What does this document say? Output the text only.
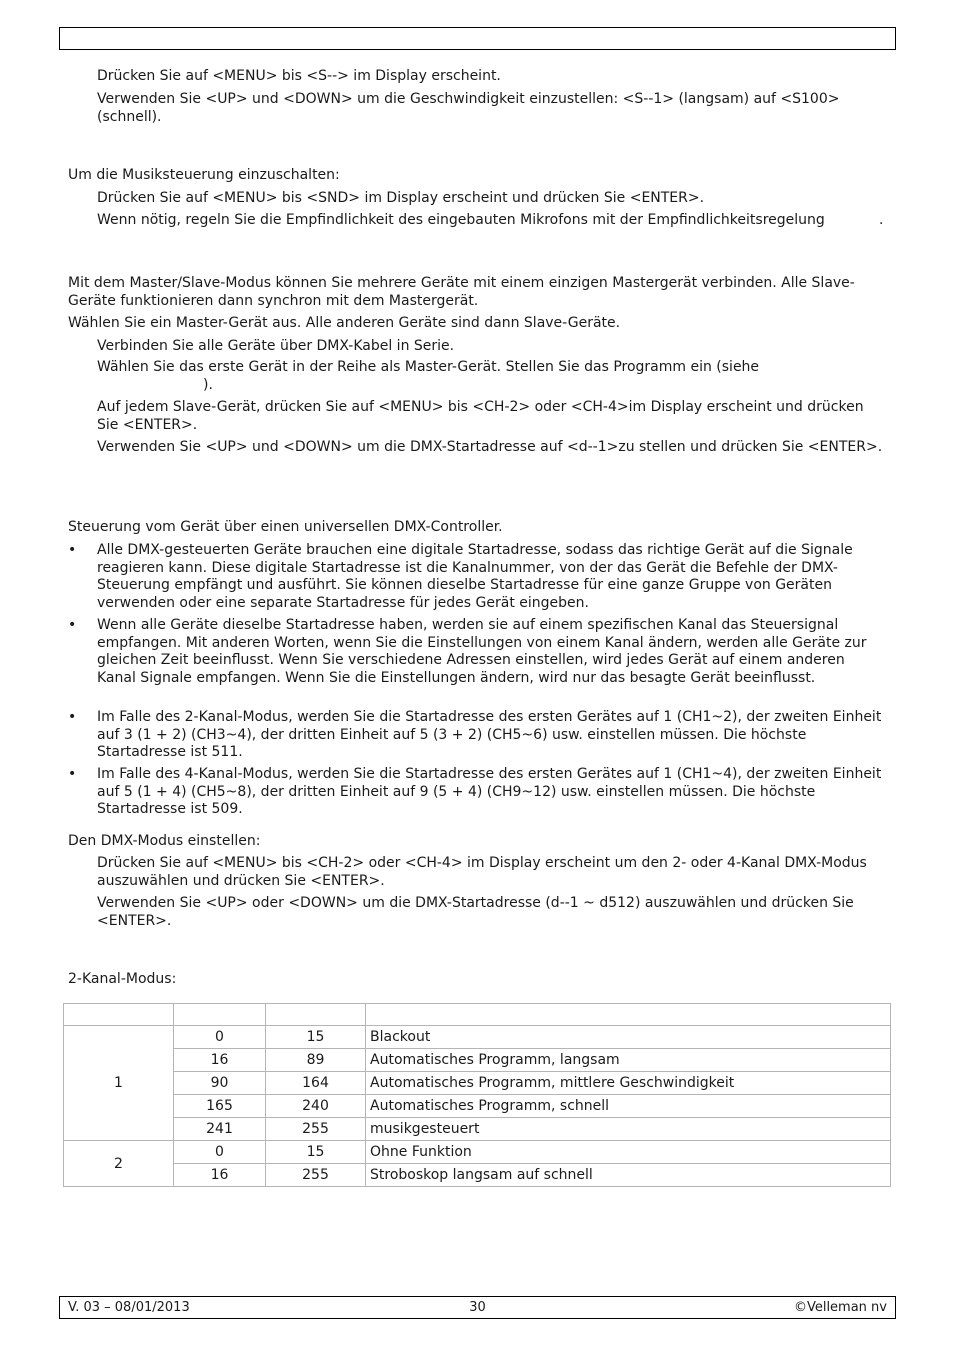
Drücken Sie auf <MENU> bis <S--> im Display erscheint.
Verwenden Sie <UP> und <DOWN> um die Geschwindigkeit einzustellen: <S--1> (langsam) auf <S100> (schnell).
Um die Musiksteuerung einzuschalten:
Drücken Sie auf <MENU> bis <SND> im Display erscheint und drücken Sie <ENTER>.
Wenn nötig, regeln Sie die Empfindlichkeit des eingebauten Mikrofons mit der Empfindlichkeitsregelung	.
Mit dem Master/Slave-Modus können Sie mehrere Geräte mit einem einzigen Mastergerät verbinden. Alle Slave-Geräte funktionieren dann synchron mit dem Mastergerät.
Wählen Sie ein Master-Gerät aus. Alle anderen Geräte sind dann Slave-Geräte.
Verbinden Sie alle Geräte über DMX-Kabel in Serie.
Wählen Sie das erste Gerät in der Reihe als Master-Gerät. Stellen Sie das Programm ein (siehe
).
Auf jedem Slave-Gerät, drücken Sie auf <MENU> bis <CH-2> oder <CH-4>im Display erscheint und drücken Sie <ENTER>.
Verwenden Sie <UP> und <DOWN> um die DMX-Startadresse auf <d--1>zu stellen und drücken Sie <ENTER>.
Steuerung vom Gerät über einen universellen DMX-Controller.
• Alle DMX-gesteuerten Geräte brauchen eine digitale Startadresse, sodass das richtige Gerät auf die Signale reagieren kann. Diese digitale Startadresse ist die Kanalnummer, von der das Gerät die Befehle der DMX-Steuerung empfängt und ausführt. Sie können dieselbe Startadresse für eine ganze Gruppe von Geräten verwenden oder eine separate Startadresse für jedes Gerät eingeben.
• Wenn alle Geräte dieselbe Startadresse haben, werden sie auf einem spezifischen Kanal das Steuersignal empfangen. Mit anderen Worten, wenn Sie die Einstellungen von einem Kanal ändern, werden alle Geräte zur gleichen Zeit beeinflusst. Wenn Sie verschiedene Adressen einstellen, wird jedes Gerät auf einem anderen Kanal Signale empfangen. Wenn Sie die Einstellungen ändern, wird nur das besagte Gerät beeinflusst.
• Im Falle des 2-Kanal-Modus, werden Sie die Startadresse des ersten Gerätes auf 1 (CH1~2), der zweiten Einheit auf 3 (1 + 2) (CH3~4), der dritten Einheit auf 5 (3 + 2) (CH5~6) usw. einstellen müssen. Die höchste Startadresse ist 511.
• Im Falle des 4-Kanal-Modus, werden Sie die Startadresse des ersten Gerätes auf 1 (CH1~4), der zweiten Einheit auf 5 (1 + 4) (CH5~8), der dritten Einheit auf 9 (5 + 4) (CH9~12) usw. einstellen müssen. Die höchste Startadresse ist 509.
Den DMX-Modus einstellen:
Drücken Sie auf <MENU> bis <CH-2> oder <CH-4> im Display erscheint um den 2- oder 4-Kanal DMX-Modus auszuwählen und drücken Sie <ENTER>.
Verwenden Sie <UP> oder <DOWN> um die DMX-Startadresse (d--1 ~ d512) auszuwählen und drücken Sie <ENTER>.
2-Kanal-Modus:

1	0	15	Blackout
	16	89	Automatisches Programm, langsam
	90	164	Automatisches Programm, mittlere Geschwindigkeit
	165	240	Automatisches Programm, schnell
	241	255	musikgesteuert
2	0	15	Ohne Funktion
	16	255	Stroboskop langsam auf schnell
V. 03 – 08/01/2013	30	©Velleman nv
